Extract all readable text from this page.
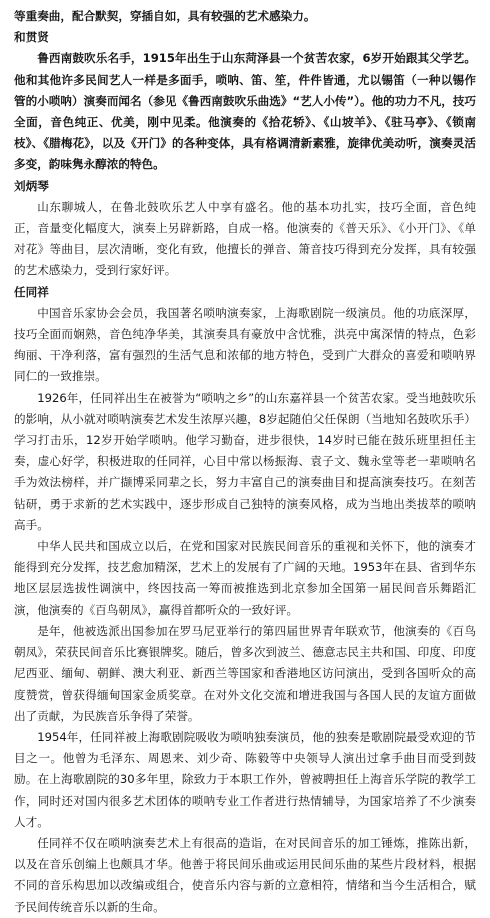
等重奏曲，配合默契，穿插自如，具有较强的艺术感染力。

和贯贤

鲁西南鼓吹乐名手，1915年出生于山东菏泽县一个贫苦农家，6岁开始跟其父学艺。他和其他许多民间艺人一样是多面手，唢呐、笛、笙，件件皆通，尤以锡笛（一种以锡作管的小唢呐）演奏而闻名（参见《鲁西南鼓吹乐曲选》“艺人小传”）。他的功力不凡，技巧全面，音色纯正、优美，刚中见柔。他演奏的《拾花轿》、《山坡羊》、《驻马亭》、《锁南枝》、《腊梅花》，以及《开门》的各种变体，具有格调清新素雅，旋律优美动听，演奏灵活多变，韵味隽永醇浓的特色。

刘炳琴

山东聊城人，在鲁北鼓吹乐艺人中享有盛名。他的基本功扎实，技巧全面，音色纯正，音量变化幅度大，演奏上另辟新路，自成一格。他演奏的《普天乐》、《小开门》、《单对花》等曲目，层次清晰，变化有致，他擅长的弹音、箫音技巧得到充分发挥，具有较强的艺术感染力，受到行家好评。

任同祥

中国音乐家协会会员，我国著名唢呐演奏家，上海歌剧院一级演员。他的功底深厚，技巧全面而娴熟，音色纯净华美，其演奏具有豪放中含忧雅，洪亮中寓深情的特点，色彩绚丽、干净利落，富有强烈的生活气息和浓郁的地方特色，受到广大群众的喜爱和唢呐界同仁的一致推崇。

1926年，任同祥出生在被誉为“唢呐之乡”的山东嘉祥县一个贫苦农家。受当地鼓吹乐的影响，从小就对唢呐演奏艺术发生浓厚兴趣，8岁起随伯父任保朗（当地知名鼓吹乐手）学习打击乐，12岁开始学唢呐。他学习勤奋，进步很快，14岁时已能在鼓乐班里担任主奏，虚心好学，积极进取的任同祥，心目中常以杨振海、袁子文、魏永堂等老一辈唢呐名手为效法榜样，并广撷博采同辈之长，努力丰富自己的演奏曲目和提高演奏技巧。在刻苦钻研，勇于求新的艺术实践中，逐步形成自己独特的演奏风格，成为当地出类拔萃的唢呐高手。

中华人民共和国成立以后，在党和国家对民族民间音乐的重视和关怀下，他的演奏才能得到充分发挥，技艺愈加精深，艺术上的发展有了广阔的天地。1953年在县、省到华东地区层层选拔性调演中，终因技高一筹而被推选到北京参加全国第一届民间音乐舞蹈汇演，他演奏的《百鸟朝凤》，赢得首都听众的一致好评。

是年，他被选派出国参加在罗马尼亚举行的第四届世界青年联欢节，他演奏的《百鸟朝凤》，荣获民间音乐比赛银牌奖。随后，曾多次到波兰、德意志民主共和国、印度、印度尼西亚、缅甸、朝鲜、澳大利亚、新西兰等国家和香港地区访问演出，受到各国听众的高度赞赏，曾获得缅甸国家金质奖章。在对外文化交流和增进我国与各国人民的友谊方面做出了贡献，为民族音乐争得了荣誉。

1954年，任同祥被上海歌剧院吸收为唢呐独奏演员，他的独奏是歌剧院最受欢迎的节目之一。他曾为毛泽东、周恩来、刘少奇、陈毅等中央领导人演出过拿手曲目而受到鼓励。在上海歌剧院的30多年里，除致力于本职工作外，曾被聘担任上海音乐学院的教学工作，同时还对国内很多艺术团体的唢呐专业工作者进行热情辅导，为国家培养了不少演奏人才。

任同祥不仅在唢呐演奏艺术上有很高的造诣，在对民间音乐的加工锤炼，推陈出新，以及在音乐创编上也颇具才华。他善于将民间乐曲或运用民间乐曲的某些片段材料，根据不同的音乐构思加以改编或组合，使音乐内容与新的立意相符，情绪和当今生活相合，赋予民间传统音乐以新的生命。
